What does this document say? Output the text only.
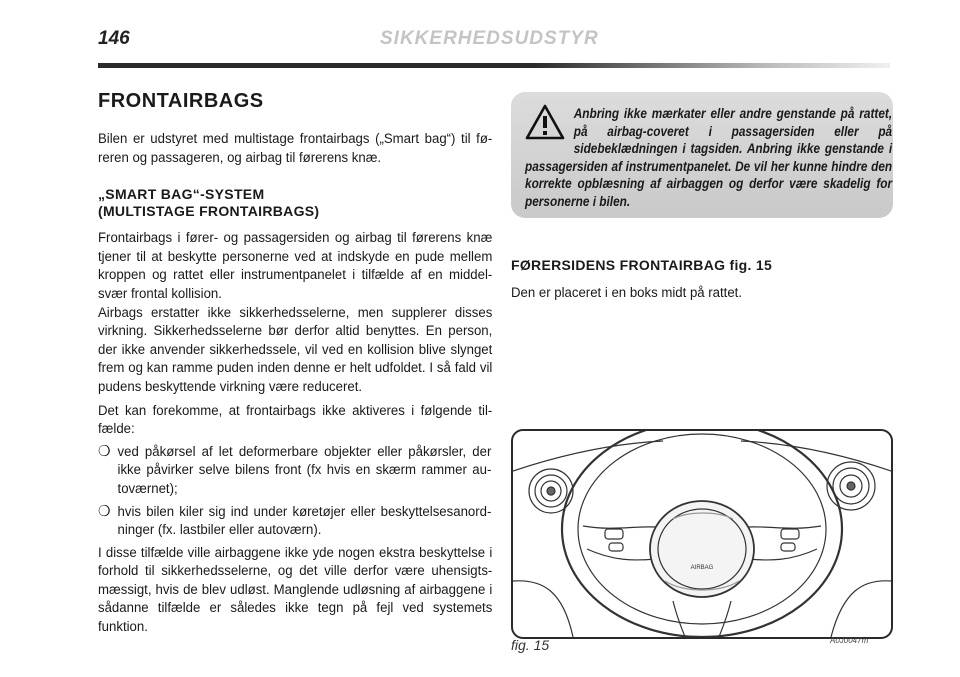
146	SIKKERHEDSUDSTYR
FRONTAIRBAGS

Bilen er udstyret med multistage frontairbags („Smart bag“) til føreren og passageren, og airbag til førerens knæ.

„SMART BAG“-SYSTEM
(MULTISTAGE FRONTAIRBAGS)

Frontairbags i fører- og passagersiden og airbag til førerens knæ tjener til at beskytte personerne ved at indskyde en pude mellem kroppen og rattet eller instrumentpanelet i tilfælde af en middelsvær frontal kollision.

Airbags erstatter ikke sikkerhedsselerne, men supplerer disses virkning. Sikkerhedsselerne bør derfor altid benyttes. En person, der ikke anvender sikkerhedssele, vil ved en kollision blive slynget frem og kan ramme puden inden denne er helt udfoldet. I så fald vil pudens beskyttende virkning være reduceret.

Det kan forekomme, at frontairbags ikke aktiveres i følgende tilfælde:

❍ ved påkørsel af let deformerbare objekter eller påkørsler, der ikke påvirker selve bilens front (fx hvis en skærm rammer autoværnet);
❍ hvis bilen kiler sig ind under køretøjer eller beskyttelsesanordninger (fx. lastbiler eller autoværn).

I disse tilfælde ville airbaggene ikke yde nogen ekstra beskyttelse i forhold til sikkerhedsselerne, og det ville derfor være uhensigtsmæssigt, hvis de blev udløst. Manglende udløsning af airbaggene i sådanne tilfælde er således ikke tegn på fejl ved systemets funktion.

Anbring ikke mærkater eller andre genstande på rattet, på airbag-coveret i passagersiden eller på sidebeklædningen i tagsiden. Anbring ikke genstande i passagersiden af instrumentpanelet. De vil her kunne hindre den korrekte opblæsning af airbaggen og derfor være skadelig for personerne i bilen.
FØRERSIDENS FRONTAIRBAG fig. 15
Den er placeret i en boks midt på rattet.
AIRBAG
fig. 15	A0J0047m
